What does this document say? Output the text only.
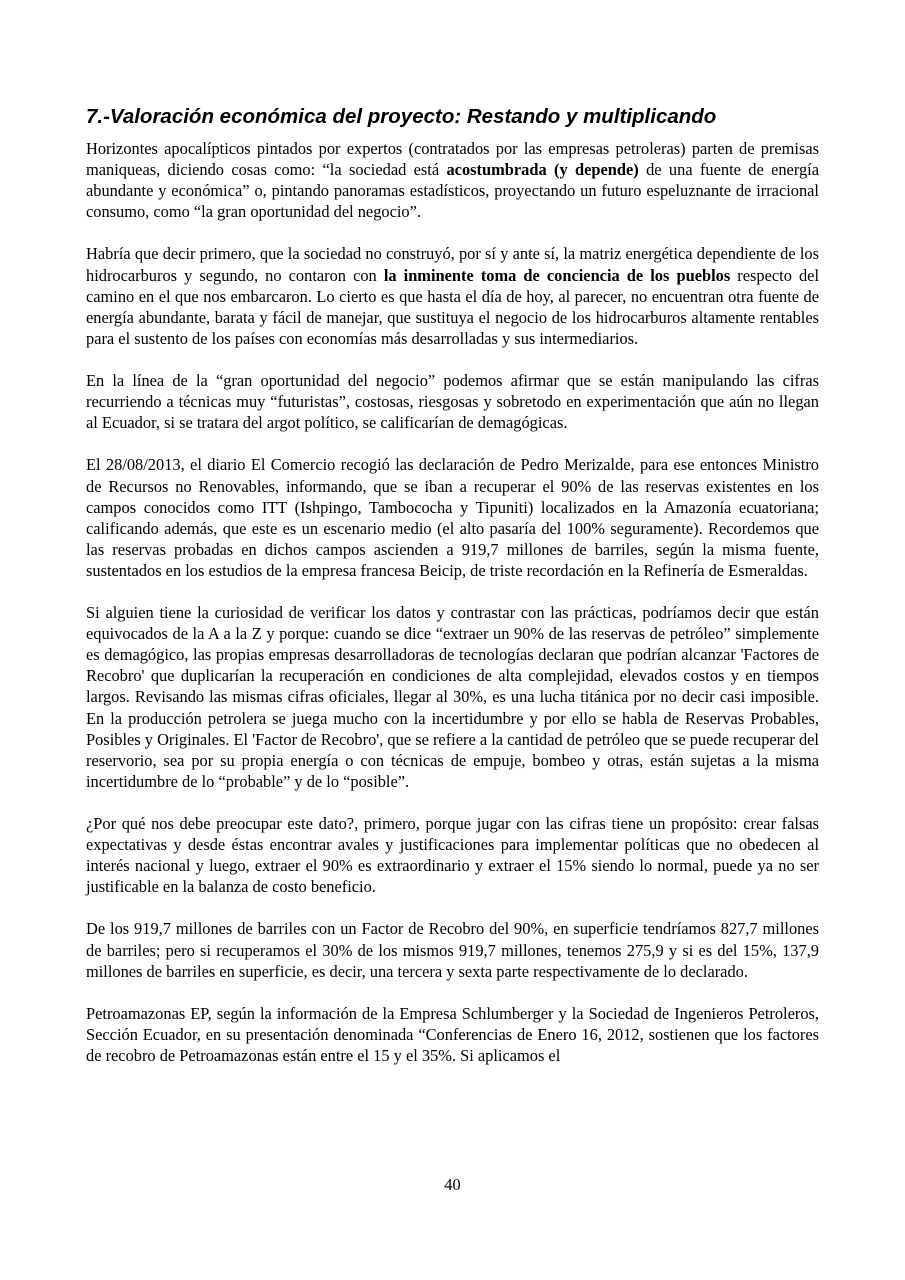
7.-Valoración económica del proyecto: Restando y multiplicando

Horizontes apocalípticos pintados por expertos (contratados por las empresas petroleras) parten de premisas maniqueas, diciendo cosas como: “la sociedad está acostumbrada (y depende) de una fuente de energía abundante y económica” o, pintando panoramas estadísticos, proyectando un futuro espeluznante de irracional consumo, como “la gran oportunidad del negocio”.

Habría que decir primero, que la sociedad no construyó, por sí y ante sí, la matriz energética dependiente de los hidrocarburos y segundo, no contaron con la inminente toma de conciencia de los pueblos respecto del camino en el que nos embarcaron. Lo cierto es que hasta el día de hoy, al parecer, no encuentran otra fuente de energía abundante, barata y fácil de manejar, que sustituya el negocio de los hidrocarburos altamente rentables para el sustento de los países con economías más desarrolladas y sus intermediarios.

En la línea de la “gran oportunidad del negocio” podemos afirmar que se están manipulando las cifras recurriendo a técnicas muy “futuristas”, costosas, riesgosas y sobretodo en experimentación que aún no llegan al Ecuador, si se tratara del argot político, se calificarían de demagógicas.

El 28/08/2013, el diario El Comercio recogió las declaración de Pedro Merizalde, para ese entonces Ministro de Recursos no Renovables, informando, que se iban a recuperar el 90% de las reservas existentes en los campos conocidos como ITT (Ishpingo, Tambococha y Tipuniti) localizados en la Amazonía ecuatoriana; calificando además, que este es un escenario medio (el alto pasaría del 100% seguramente). Recordemos que las reservas probadas en dichos campos ascienden a 919,7 millones de barriles, según la misma fuente, sustentados en los estudios de la empresa francesa Beicip, de triste recordación en la Refinería de Esmeraldas.

Si alguien tiene la curiosidad de verificar los datos y contrastar con las prácticas, podríamos decir que están equivocados de la A a la Z y porque: cuando se dice “extraer un 90% de las reservas de petróleo” simplemente es demagógico, las propias empresas desarrolladoras de tecnologías declaran que podrían alcanzar 'Factores de Recobro' que duplicarían la recuperación en condiciones de alta complejidad, elevados costos y en tiempos largos. Revisando las mismas cifras oficiales, llegar al 30%, es una lucha titánica por no decir casi imposible. En la producción petrolera se juega mucho con la incertidumbre y por ello se habla de Reservas Probables, Posibles y Originales. El 'Factor de Recobro', que se refiere a la cantidad de petróleo que se puede recuperar del reservorio, sea por su propia energía o con técnicas de empuje, bombeo y otras, están sujetas a la misma incertidumbre de lo “probable” y de lo “posible”.

¿Por qué nos debe preocupar este dato?, primero, porque jugar con las cifras tiene un propósito: crear falsas expectativas y desde éstas encontrar avales y justificaciones para implementar políticas que no obedecen al interés nacional y luego, extraer el 90% es extraordinario y extraer el 15% siendo lo normal, puede ya no ser justificable en la balanza de costo beneficio.

De los 919,7 millones de barriles con un Factor de Recobro del 90%, en superficie tendríamos 827,7 millones de barriles; pero si recuperamos el 30% de los mismos 919,7 millones, tenemos 275,9 y si es del 15%, 137,9 millones de barriles en superficie, es decir, una tercera y sexta parte respectivamente de lo declarado.

Petroamazonas EP, según la información de la Empresa Schlumberger y la Sociedad de Ingenieros Petroleros, Sección Ecuador, en su presentación denominada “Conferencias de Enero 16, 2012, sostienen que los factores de recobro de Petroamazonas están entre el 15 y el 35%. Si aplicamos el

40
